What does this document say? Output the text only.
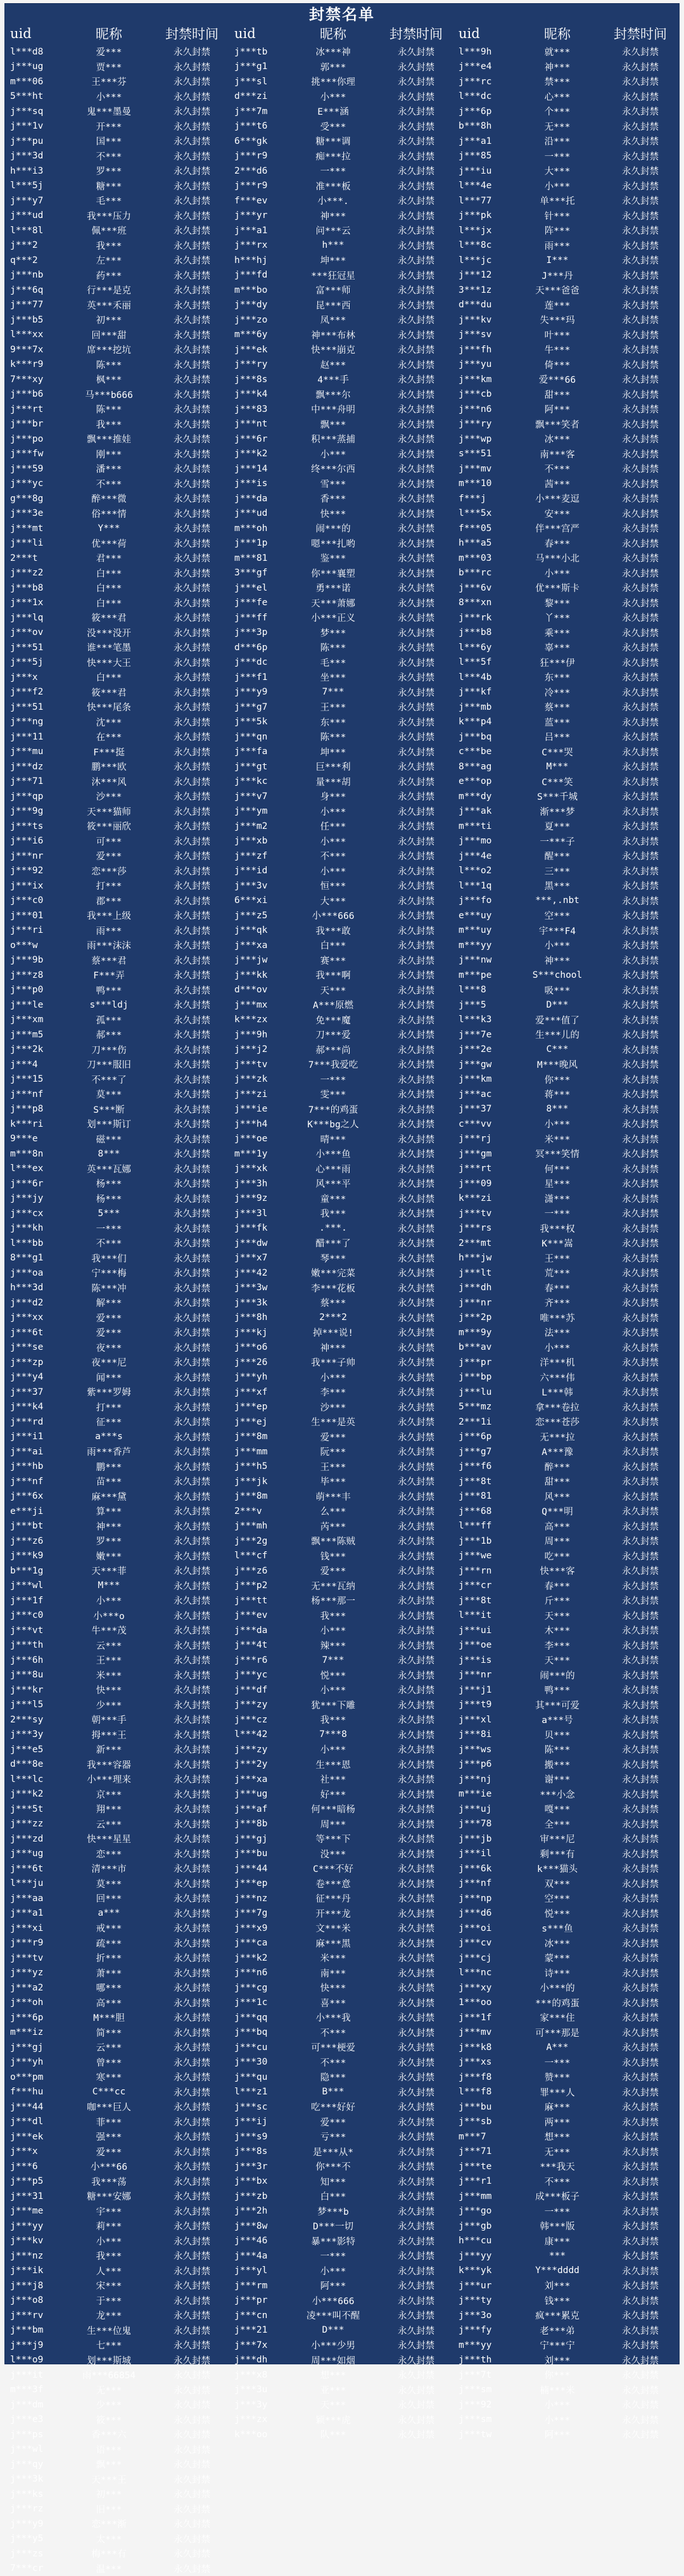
封禁名单
uid	昵称	封禁时间
l***d8	爱***	永久封禁
j***ug	贾***	永久封禁
m***06	王***芬	永久封禁
5***ht	小***	永久封禁
j***sq	鬼***墨曼	永久封禁
j***1v	开***	永久封禁
j***pu	国***	永久封禁
j***3d	不***	永久封禁
h***i3	罗***	永久封禁
l***5j	糖***	永久封禁
j***y7	毛***	永久封禁
j***ud	我***压力	永久封禁
l***8l	佩***班	永久封禁
j***2	我***	永久封禁
q***2	左***	永久封禁
j***nb	药***	永久封禁
j***6q	行***是克	永久封禁
j***77	英***禾丽	永久封禁
j***b5	初***	永久封禁
l***xx	回***甜	永久封禁
9***7x	席***挖坑	永久封禁
k***r9	陈***	永久封禁
7***xy	枫***	永久封禁
j***b6	马***b666	永久封禁
j***rt	陈***	永久封禁
j***br	我***	永久封禁
j***po	飘***推娃	永久封禁
j***fw	刚***	永久封禁
j***59	潘***	永久封禁
j***yc	不***	永久封禁
g***8g	醉***微	永久封禁
j***3e	俗***情	永久封禁
j***mt	Y***	永久封禁
j***li	优***荷	永久封禁
2***t	君***	永久封禁
j***z2	白***	永久封禁
j***b8	白***	永久封禁
j***1x	白***	永久封禁
j***lq	筱***君	永久封禁
j***ov	没***没开	永久封禁
j***51	谁***笔墨	永久封禁
j***5j	快***大王	永久封禁
j***x	白***	永久封禁
j***f2	筱***君	永久封禁
j***51	快***尾条	永久封禁
j***ng	沈***	永久封禁
j***11	在***	永久封禁
j***mu	F***挺	永久封禁
j***dz	鹏***欧	永久封禁
j***71	沐***风	永久封禁
j***qp	沙***	永久封禁
j***9g	天***猫师	永久封禁
j***ts	筱***丽欣	永久封禁
j***i6	可***	永久封禁
j***nr	爱***	永久封禁
j***92	恋***莎	永久封禁
j***ix	打***	永久封禁
j***c0	郡***	永久封禁
j***01	我***上级	永久封禁
j***ri	雨***	永久封禁
o***w	雨***沫沫	永久封禁
j***9b	蔡***君	永久封禁
j***z8	F***弄	永久封禁
j***p0	鸭***	永久封禁
j***le	s***ldj	永久封禁
j***xm	孤***	永久封禁
j***m5	郝***	永久封禁
j***2k	刀***伤	永久封禁
j***4	刀***服旧	永久封禁
j***15	不***了	永久封禁
j***nf	莫***	永久封禁
j***p8	S***断	永久封禁
k***ri	划***斯订	永久封禁
9***e	磁***	永久封禁
m***8n	8***	永久封禁
l***ex	英***瓦娜	永久封禁
j***6r	杨***	永久封禁
j***jy	杨***	永久封禁
j***cx	5***	永久封禁
j***kh	一***	永久封禁
l***bb	不***	永久封禁
8***g1	我***们	永久封禁
j***oa	宁***梅	永久封禁
h***3d	陈***冲	永久封禁
j***d2	解***	永久封禁
j***xx	爱***	永久封禁
j***6t	爱***	永久封禁
j***se	夜***	永久封禁
j***zp	夜***尼	永久封禁
j***y4	闻***	永久封禁
j***37	紫***罗姆	永久封禁
j***k4	打***	永久封禁
j***rd	征***	永久封禁
j***i1	a***s	永久封禁
j***ai	雨***香芦	永久封禁
j***hb	鹏***	永久封禁
j***nf	苗***	永久封禁
j***6x	麻***黛	永久封禁
e***ji	算***	永久封禁
j***bt	神***	永久封禁
j***z6	罗***	永久封禁
j***k9	嫩***	永久封禁
b***1g	天***菲	永久封禁
j***wl	M***	永久封禁
j***1f	小***	永久封禁
j***c0	小***o	永久封禁
j***vt	牛***茂	永久封禁
j***th	云***	永久封禁
j***6h	王***	永久封禁
j***8u	米***	永久封禁
j***kr	快***	永久封禁
j***l5	少***	永久封禁
2***sy	朝***手	永久封禁
j***3y	拇***王	永久封禁
j***e5	新***	永久封禁
d***8e	我***容器	永久封禁
l***lc	小***理来	永久封禁
j***k2	京***	永久封禁
j***5t	翔***	永久封禁
j***zz	云***	永久封禁
j***zd	快***星星	永久封禁
j***ug	恋***	永久封禁
j***6t	清***市	永久封禁
l***ju	莫***	永久封禁
j***aa	回***	永久封禁
j***a1	a***	永久封禁
j***xi	戒***	永久封禁
j***r9	疏***	永久封禁
j***tv	折***	永久封禁
j***yz	萧***	永久封禁
j***a2	哪***	永久封禁
j***oh	高***	永久封禁
j***6p	M***胆	永久封禁
m***iz	简***	永久封禁
j***gj	云***	永久封禁
j***yh	曾***	永久封禁
o***pm	寒***	永久封禁
f***hu	C***cc	永久封禁
j***44	咖***巨人	永久封禁
j***dl	菲***	永久封禁
j***ek	强***	永久封禁
j***x	爱***	永久封禁
j***6	小***66	永久封禁
j***p5	我***荡	永久封禁
j***31	糖***安娜	永久封禁
j***me	宇***	永久封禁
j***yy	莉***	永久封禁
j***kv	小***	永久封禁
j***nz	我***	永久封禁
j***ik	人***	永久封禁
j***j8	宋***	永久封禁
j***o8	于***	永久封禁
j***rv	龙***	永久封禁
j***bm	生***位鬼	永久封禁
j***j9	七***	永久封禁
l***o9	划***斯城	永久封禁
j***it	雨***66854	永久封禁
m***3f	无***	永久封禁
j***dm	少***	永久封禁
j***e3	筱***	永久封禁
j***ps	香***六	永久封禁
j***wl	语***	永久封禁
j***qy	飘***	永久封禁
j***3k	天***王	永久封禁
j***ks	初***	永久封禁
j***rz	旧***	永久封禁
j***y9	恋***渐	永久封禁
j***y5	太***	永久封禁
j***zs	梅***有	永久封禁
7***cr	温***	永久封禁
uid	昵称	封禁时间
j***tb	冰***神	永久封禁
j***g1	郭***	永久封禁
j***sl	挑***你理	永久封禁
d***zi	小***	永久封禁
j***7m	E***涵	永久封禁
j***t6	受***	永久封禁
6***gk	糖***调	永久封禁
j***r9	痴***拉	永久封禁
2***d6	一***	永久封禁
j***r9	准***板	永久封禁
f***ev	小***.	永久封禁
j***yr	神***	永久封禁
j***a1	问***云	永久封禁
j***rx	h***	永久封禁
h***hj	坤***	永久封禁
j***fd	***狂冠星	永久封禁
m***bo	富***师	永久封禁
j***dy	昆***西	永久封禁
j***zo	凤***	永久封禁
m***6y	神***布林	永久封禁
j***ek	快***崩克	永久封禁
j***ry	赵***	永久封禁
j***8s	4***手	永久封禁
j***k4	飘***尔	永久封禁
j***83	中***舟明	永久封禁
j***nt	飘***	永久封禁
j***6r	积***蒸捕	永久封禁
j***k2	小***	永久封禁
j***14	终***尔西	永久封禁
j***is	雪***	永久封禁
j***da	香***	永久封禁
j***ud	快***	永久封禁
m***oh	闹***的	永久封禁
j***1p	嗯***扎哟	永久封禁
m***81	鉴***	永久封禁
3***gf	你***襄塑	永久封禁
j***el	勇***诺	永久封禁
j***fe	天***萧娜	永久封禁
j***ff	小***正义	永久封禁
j***3p	梦***	永久封禁
d***6p	陈***	永久封禁
j***dc	毛***	永久封禁
j***f1	坐***	永久封禁
j***y9	7***	永久封禁
j***g7	王***	永久封禁
j***5k	东***	永久封禁
j***qn	陈***	永久封禁
j***fa	坤***	永久封禁
j***gt	巨***利	永久封禁
j***kc	量***胡	永久封禁
j***v7	身***	永久封禁
j***ym	小***	永久封禁
j***m2	任***	永久封禁
j***xb	小***	永久封禁
j***zf	不***	永久封禁
j***id	小***	永久封禁
j***3v	恒***	永久封禁
6***xi	大***	永久封禁
j***z5	小***666	永久封禁
j***qk	我***敢	永久封禁
j***xa	白***	永久封禁
j***jw	赛***	永久封禁
j***kk	我***啊	永久封禁
d***ov	天***	永久封禁
j***mx	A***原燃	永久封禁
k***zx	免***魔	永久封禁
j***9h	刀***爱	永久封禁
j***j2	郝***尚	永久封禁
j***tv	7***我爱吃	永久封禁
j***zk	一***	永久封禁
j***zi	雯***	永久封禁
j***ie	7***的鸡蛋	永久封禁
j***h4	K***bg之人	永久封禁
j***oe	晴***	永久封禁
m***1y	小***鱼	永久封禁
j***xk	心***雨	永久封禁
j***3h	风***平	永久封禁
j***9z	童***	永久封禁
j***3l	我***	永久封禁
j***fk	.***.	永久封禁
j***dw	醋***了	永久封禁
j***x7	琴***	永久封禁
j***42	嫩***完菜	永久封禁
j***3w	李***花板	永久封禁
j***3k	蔡***	永久封禁
j***8h	2***2	永久封禁
j***kj	掉***说!	永久封禁
j***o6	神***	永久封禁
j***26	我***子帅	永久封禁
j***yh	小***	永久封禁
j***xf	李***	永久封禁
j***ep	沙***	永久封禁
j***ej	生***是英	永久封禁
j***8m	爱***	永久封禁
j***mm	阮***	永久封禁
j***h5	王***	永久封禁
j***jk	毕***	永久封禁
j***8m	萌***丰	永久封禁
2***v	么***	永久封禁
j***mh	芮***	永久封禁
j***2g	飘***陈贼	永久封禁
l***cf	钱***	永久封禁
j***z6	爱***	永久封禁
j***p2	无***瓦纳	永久封禁
j***tt	杨***那一	永久封禁
j***ev	我***	永久封禁
j***da	小***	永久封禁
j***4t	辣***	永久封禁
j***r6	7***	永久封禁
j***yc	悦***	永久封禁
j***df	小***	永久封禁
j***zy	犹***下雕	永久封禁
j***cz	我***	永久封禁
l***42	7***8	永久封禁
j***zy	小***	永久封禁
j***2y	生***恩	永久封禁
j***xa	社***	永久封禁
j***ug	好***	永久封禁
j***af	何***暗杨	永久封禁
j***8b	周***	永久封禁
j***gj	等***下	永久封禁
j***bu	没***	永久封禁
j***44	C***不好	永久封禁
j***ep	卷***意	永久封禁
j***nz	征***丹	永久封禁
j***7g	开***龙	永久封禁
j***x9	文***米	永久封禁
j***ca	麻***黑	永久封禁
j***k2	米***	永久封禁
j***n6	南***	永久封禁
j***cg	快***	永久封禁
j***1c	喜***	永久封禁
j***qq	小***我	永久封禁
j***bq	不***	永久封禁
j***cu	可***梗爱	永久封禁
j***30	不***	永久封禁
j***qu	隐***	永久封禁
l***z1	B***	永久封禁
j***sc	吃***好好	永久封禁
j***ij	爱***	永久封禁
j***s9	亏***	永久封禁
j***8s	是***从*	永久封禁
j***3r	你***不	永久封禁
j***bx	知***	永久封禁
j***zb	白***	永久封禁
j***2h	梦***b	永久封禁
j***8w	D***一切	永久封禁
j***46	暴***影特	永久封禁
j***4a	一***	永久封禁
j***yl	小***	永久封禁
j***rm	阿***	永久封禁
j***pr	小***666	永久封禁
j***cn	凌***叫不醒	永久封禁
j***21	D***	永久封禁
j***7x	小***少男	永久封禁
j***dh	周***如烟	永久封禁
j***x8	想***	永久封禁
j***3u	亚***	永久封禁
j***3y	天***	永久封禁
j***zx	颖***虎	永久封禁
k***oo	队***	永久封禁
uid	昵称	封禁时间
l***9h	就***	永久封禁
j***e4	神***	永久封禁
j***rc	禁***	永久封禁
l***dc	心***	永久封禁
j***6p	个***	永久封禁
b***8h	无***	永久封禁
j***a1	沿***	永久封禁
j***85	一***	永久封禁
j***iu	大***	永久封禁
l***4e	小***	永久封禁
l***77	单***托	永久封禁
j***pk	针***	永久封禁
l***jx	阵***	永久封禁
l***8c	雨***	永久封禁
l***jc	I***	永久封禁
j***12	J***丹	永久封禁
3***1z	天***爸爸	永久封禁
d***du	莲***	永久封禁
j***kv	失***玛	永久封禁
j***sv	叶***	永久封禁
j***fh	牛***	永久封禁
j***yu	倚***	永久封禁
j***km	爱***66	永久封禁
j***cb	甜***	永久封禁
j***n6	阿***	永久封禁
j***ry	飘***笑者	永久封禁
j***wp	冰***	永久封禁
s***51	南***客	永久封禁
j***mv	不***	永久封禁
m***10	茜***	永久封禁
f***j	小***麦逗	永久封禁
l***5x	安***	永久封禁
f***05	伴***宫严	永久封禁
h***a5	春***	永久封禁
m***03	马***小北	永久封禁
b***rc	小***	永久封禁
j***6v	优***斯卡	永久封禁
8***xn	黎***	永久封禁
j***rk	丫***	永久封禁
j***b8	乘***	永久封禁
l***6y	辜***	永久封禁
l***5f	狂***伊	永久封禁
l***4b	东***	永久封禁
j***kf	冷***	永久封禁
j***mb	蔡***	永久封禁
k***p4	蓝***	永久封禁
j***bq	吕***	永久封禁
c***be	C***哭	永久封禁
8***ag	M***	永久封禁
e***op	C***笑	永久封禁
m***dy	S***千城	永久封禁
j***ak	渐***梦	永久封禁
m***ti	夏***	永久封禁
j***mo	一***子	永久封禁
j***4e	醒***	永久封禁
l***o2	三***	永久封禁
l***1q	黑***	永久封禁
j***fo	***,.nbt	永久封禁
e***uy	空***	永久封禁
m***uy	宇***F4	永久封禁
m***yy	小***	永久封禁
j***nw	神***	永久封禁
m***pe	S***chool	永久封禁
l***8	吸***	永久封禁
j***5	D***	永久封禁
l***k3	爱***值了	永久封禁
j***7e	生***儿的	永久封禁
j***2e	C***	永久封禁
j***gw	M***晚风	永久封禁
j***km	你***	永久封禁
j***ac	蒋***	永久封禁
j***37	8***	永久封禁
c***vv	小***	永久封禁
j***rj	米***	永久封禁
j***gm	冥***笑情	永久封禁
j***rt	何***	永久封禁
j***09	星***	永久封禁
k***zi	潇***	永久封禁
j***tv	一***	永久封禁
j***rs	我***权	永久封禁
2***mt	K***嵩	永久封禁
h***jw	王***	永久封禁
j***lt	荒***	永久封禁
j***dh	春***	永久封禁
j***nr	齐***	永久封禁
j***2p	唯***苏	永久封禁
m***9y	法***	永久封禁
b***av	小***	永久封禁
j***pr	洋***机	永久封禁
j***bp	六***伟	永久封禁
j***lu	L***韩	永久封禁
5***mz	拿***卷拉	永久封禁
2***1i	恋***苍莎	永久封禁
j***6p	无***拉	永久封禁
j***g7	A***豫	永久封禁
j***f6	醉***	永久封禁
j***8t	甜***	永久封禁
j***81	风***	永久封禁
j***68	Q***明	永久封禁
l***ff	高***	永久封禁
j***1b	周***	永久封禁
j***we	吃***	永久封禁
j***rn	快***客	永久封禁
j***cr	春***	永久封禁
j***8t	斤***	永久封禁
l***it	天***	永久封禁
j***ui	木***	永久封禁
j***oe	李***	永久封禁
j***is	天***	永久封禁
j***nr	闹***的	永久封禁
j***j1	鸭***	永久封禁
j***t9	其***可爱	永久封禁
j***xl	a***号	永久封禁
j***8i	贝***	永久封禁
j***ws	陈***	永久封禁
j***p6	搬***	永久封禁
j***nj	谢***	永久封禁
m***ie	***小念	永久封禁
j***uj	嘎***	永久封禁
j***78	全***	永久封禁
j***jb	审***尼	永久封禁
j***il	剩***有	永久封禁
j***6k	k***猫头	永久封禁
j***nf	双***	永久封禁
j***np	空***	永久封禁
j***d6	悦***	永久封禁
j***oi	s***鱼	永久封禁
j***cv	冰***	永久封禁
j***cj	蒙***	永久封禁
l***nc	诗***	永久封禁
j***xy	小***的	永久封禁
1***oo	***的鸡蛋	永久封禁
j***1f	家***住	永久封禁
j***mv	可***那是	永久封禁
j***k8	A***	永久封禁
j***xs	一***	永久封禁
j***f8	赞***	永久封禁
l***f8	罪***人	永久封禁
j***bu	麻***	永久封禁
j***sb	两***	永久封禁
m***7	想***	永久封禁
j***71	无***	永久封禁
j***te	***我天	永久封禁
j***r1	不***	永久封禁
j***mm	成***板子	永久封禁
j***go	一***	永久封禁
j***gb	韩***版	永久封禁
h***cu	康***	永久封禁
j***yy	***	永久封禁
k***yk	Y***dddd	永久封禁
j***ur	刘***	永久封禁
j***ty	钱***	永久封禁
j***3o	疯***累克	永久封禁
j***fy	老***弟	永久封禁
m***yy	宁***宁	永久封禁
j***th	刘***	永久封禁
j***7t	你***	永久封禁
j***sm	楠***米	永久封禁
j***92	小***	永久封禁
j***sm	小***	永久封禁
j***tw	阿***	永久封禁
